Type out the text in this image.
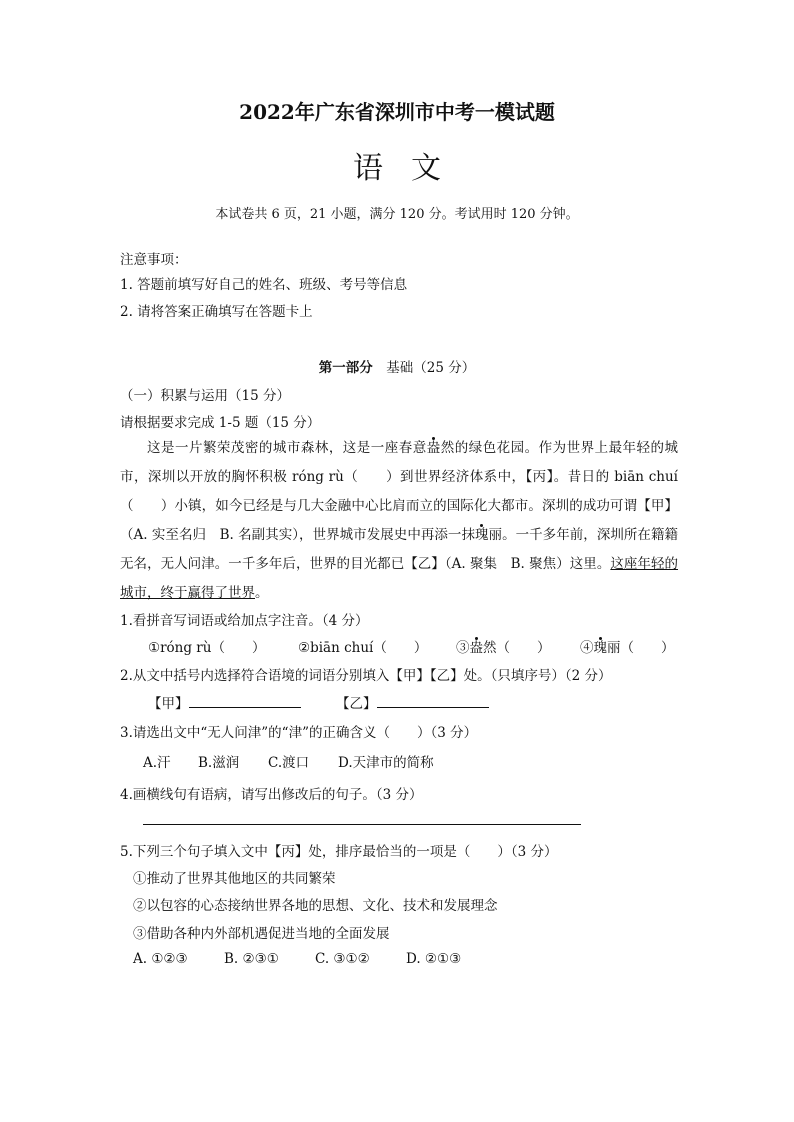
2022年广东省深圳市中考一模试题
语文
本试卷共 6 页，21 小题，满分 120 分。考试用时 120 分钟。
注意事项：
1. 答题前填写好自己的姓名、班级、考号等信息
2. 请将答案正确填写在答题卡上
第一部分　 基础（25 分）
（一）积累与运用（15 分）
请根据要求完成 1-5 题（15 分）

这是一片繁荣茂密的城市森林，这是一座春意盎然的绿色花园。作为世界上最年轻的城市，深圳以开放的胸怀积极 róng rù（　　）到世界经济体系中，【丙】。昔日的 biān chuí（　　）小镇，如今已经是与几大金融中心比肩而立的国际化大都市。深圳的成功可谓【甲】（A. 实至名归　B. 名副其实），世界城市发展史中再添一抹瑰丽。一千多年前，深圳所在籍籍无名，无人问津。一千多年后，世界的目光都已【乙】（A. 聚集　B. 聚焦）这里。这座年轻的城市，终于赢得了世界。

1.看拼音写词语或给加点字注音。（4 分）
①róng rù（　　） ②biān chuí（　　） ③盎然（　　） ④瑰丽（　　）
2.从文中括号内选择符合语境的词语分别填入【甲】【乙】处。（只填序号）（2 分）
【甲】	【乙】
3.请选出文中“无人问津”的“津”的正确含义（　　）（3 分）
A.汗 B.滋润 C.渡口 D.天津市的简称
4.画横线句有语病，请写出修改后的句子。（3 分）
5.下列三个句子填入文中【丙】处，排序最恰当的一项是（　　）（3 分）
①推动了世界其他地区的共同繁荣
②以包容的心态接纳世界各地的思想、文化、技术和发展理念
③借助各种内外部机遇促进当地的全面发展
A. ①②③	B. ②③①	C. ③①②	D. ②①③
